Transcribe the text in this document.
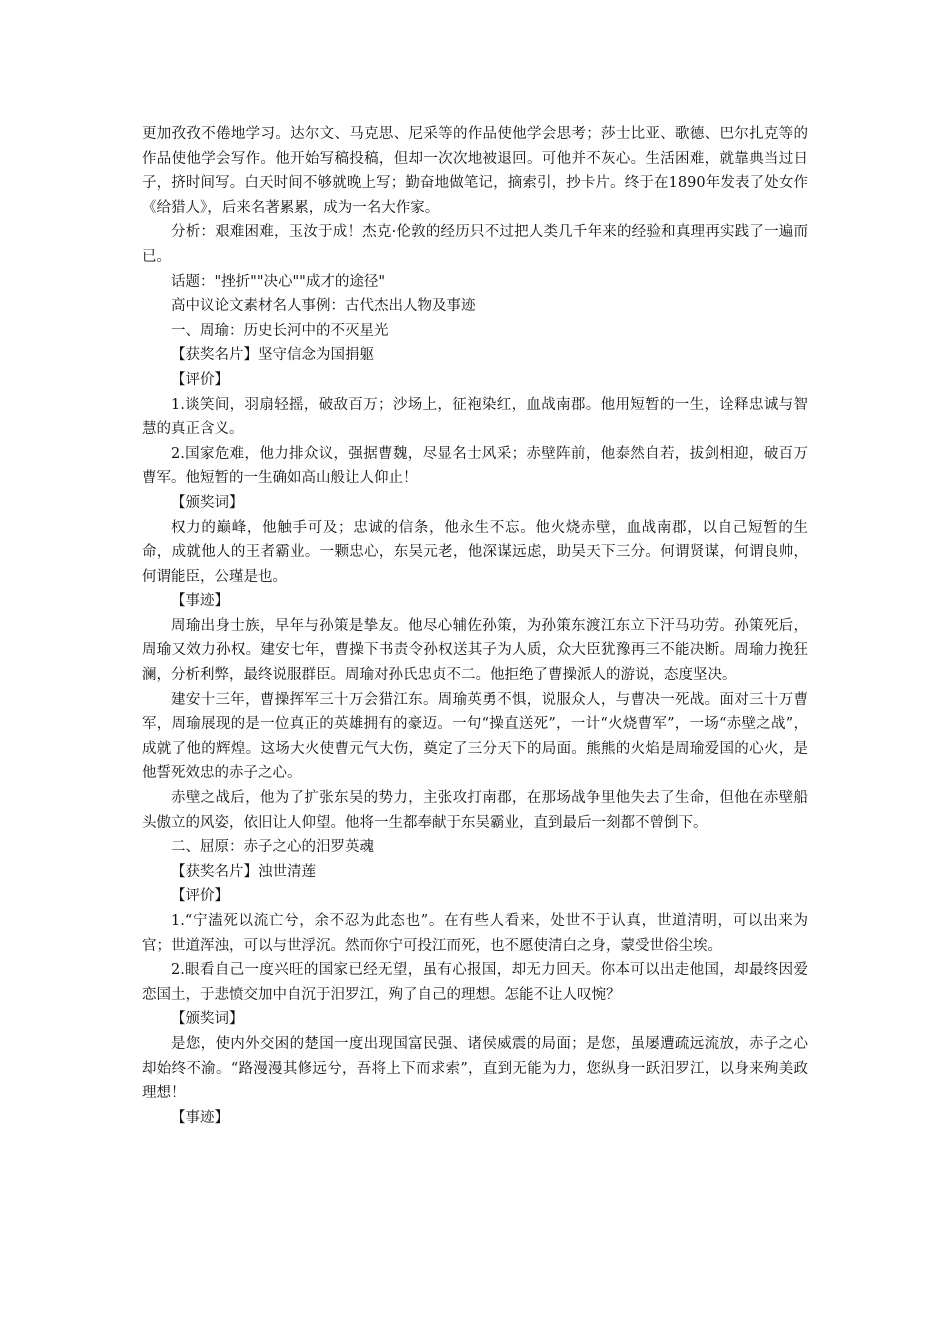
更加孜孜不倦地学习。达尔文、马克思、尼采等的作品使他学会思考；莎士比亚、歌德、巴尔扎克等的作品使他学会写作。他开始写稿投稿，但却一次次地被退回。可他并不灰心。生活困难，就靠典当过日子，挤时间写。白天时间不够就晚上写；勤奋地做笔记，摘索引，抄卡片。终于在1890年发表了处女作《给猎人》，后来名著累累，成为一名大作家。

分析：艰难困难，玉汝于成！杰克·伦敦的经历只不过把人类几千年来的经验和真理再实践了一遍而已。

话题："挫折""决心""成才的途径"

高中议论文素材名人事例：古代杰出人物及事迹

一、周瑜：历史长河中的不灭星光

【获奖名片】坚守信念为国捐躯

【评价】

1.谈笑间，羽扇轻摇，破敌百万；沙场上，征袍染红，血战南郡。他用短暂的一生，诠释忠诚与智慧的真正含义。

2.国家危难，他力排众议，强据曹魏，尽显名士风采；赤壁阵前，他泰然自若，拔剑相迎，破百万曹军。他短暂的一生确如高山般让人仰止！

【颁奖词】

权力的巅峰，他触手可及；忠诚的信条，他永生不忘。他火烧赤壁，血战南郡，以自己短暂的生命，成就他人的王者霸业。一颗忠心，东吴元老，他深谋远虑，助吴天下三分。何谓贤谋，何谓良帅，何谓能臣，公瑾是也。

【事迹】

周瑜出身士族，早年与孙策是挚友。他尽心辅佐孙策，为孙策东渡江东立下汗马功劳。孙策死后，周瑜又效力孙权。建安七年，曹操下书责令孙权送其子为人质，众大臣犹豫再三不能决断。周瑜力挽狂澜，分析利弊，最终说服群臣。周瑜对孙氏忠贞不二。他拒绝了曹操派人的游说，态度坚决。

建安十三年，曹操挥军三十万会猎江东。周瑜英勇不惧，说服众人，与曹决一死战。面对三十万曹军，周瑜展现的是一位真正的英雄拥有的豪迈。一句“操直送死”，一计“火烧曹军”，一场“赤壁之战”，成就了他的辉煌。这场大火使曹元气大伤，奠定了三分天下的局面。熊熊的火焰是周瑜爱国的心火，是他誓死效忠的赤子之心。

赤壁之战后，他为了扩张东吴的势力，主张攻打南郡，在那场战争里他失去了生命，但他在赤壁船头傲立的风姿，依旧让人仰望。他将一生都奉献于东吴霸业，直到最后一刻都不曾倒下。

二、屈原：赤子之心的汨罗英魂

【获奖名片】浊世清莲

【评价】

1.“宁溘死以流亡兮，余不忍为此态也”。在有些人看来，处世不于认真，世道清明，可以出来为官；世道浑浊，可以与世浮沉。然而你宁可投江而死，也不愿使清白之身，蒙受世俗尘埃。

2.眼看自己一度兴旺的国家已经无望，虽有心报国，却无力回天。你本可以出走他国，却最终因爱恋国土，于悲愤交加中自沉于汨罗江，殉了自己的理想。怎能不让人叹惋？

【颁奖词】

是您，使内外交困的楚国一度出现国富民强、诸侯威震的局面；是您，虽屡遭疏远流放，赤子之心却始终不渝。“路漫漫其修远兮，吾将上下而求索”，直到无能为力，您纵身一跃汨罗江，以身来殉美政理想！

【事迹】
